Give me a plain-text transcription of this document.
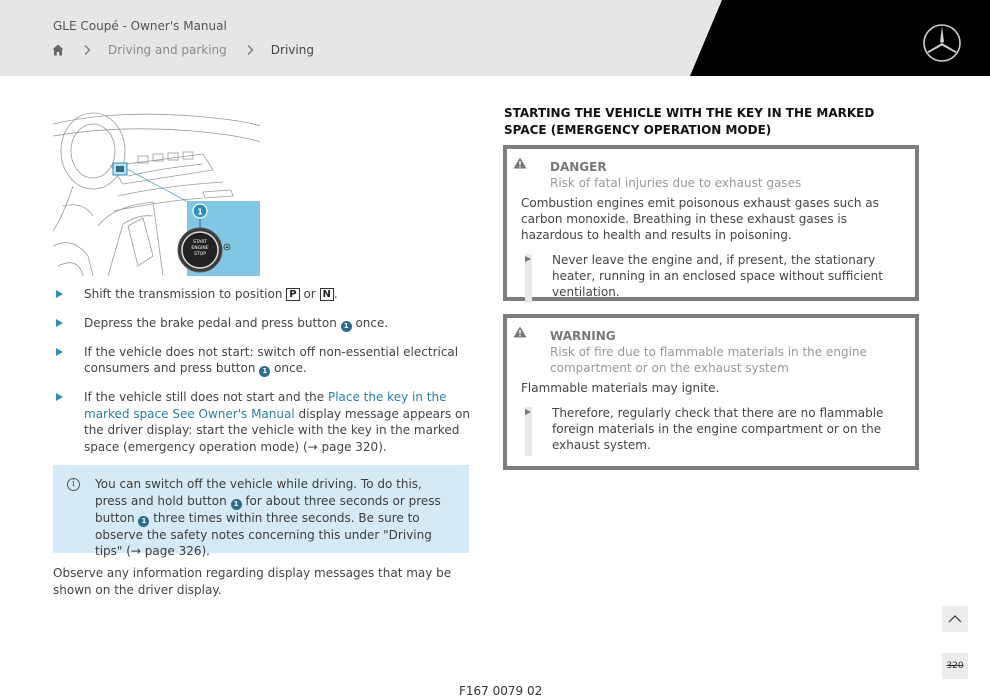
GLE Coupé - Owner's Manual
Driving and parking	Driving
1
START
ENGINE
STOP
Shift the transmission to position P or N .
Depress the brake pedal and press button 1 once.
If the vehicle does not start: switch off non-essential electrical consumers and press button 1 once.
If the vehicle still does not start and the Place the key in the marked space See Owner's Manual display message appears on the driver display: start the vehicle with the key in the marked space (emergency operation mode) (→ page 320).
i	You can switch off the vehicle while driving. To do this, press and hold button 1 for about three seconds or press button 1 three times within three seconds. Be sure to observe the safety notes concerning this under "Driving tips" (→ page 326).
Observe any information regarding display messages that may be shown on the driver display.
STARTING THE VEHICLE WITH THE KEY IN THE MARKED SPACE (EMERGENCY OPERATION MODE)
DANGER
Risk of fatal injuries due to exhaust gases
Combustion engines emit poisonous exhaust gases such as carbon monoxide. Breathing in these exhaust gases is hazardous to health and results in poisoning.
Never leave the engine and, if present, the stationary heater, running in an enclosed space without sufficient ventilation.
WARNING
Risk of fire due to flammable materials in the engine compartment or on the exhaust system
Flammable materials may ignite.
Therefore, regularly check that there are no flammable foreign materials in the engine compartment or on the exhaust system.
320
F167 0079 02
